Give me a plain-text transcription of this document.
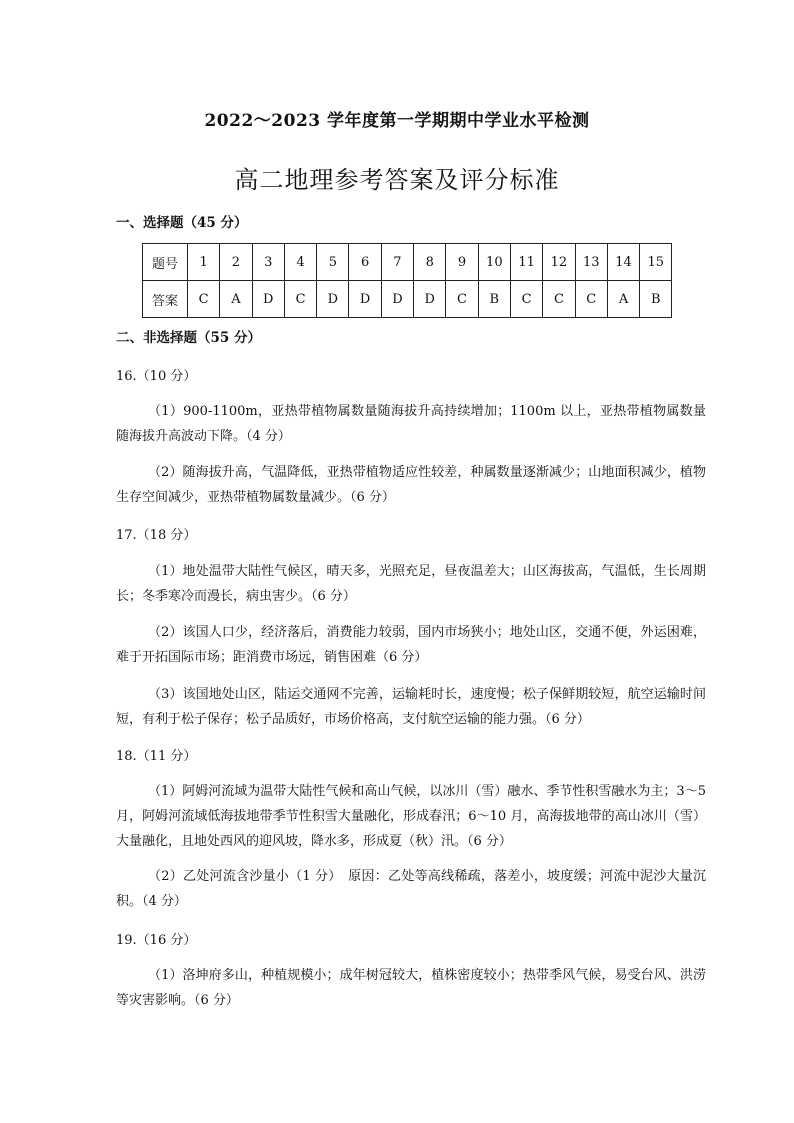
2022～2023 学年度第一学期期中学业水平检测
高二地理参考答案及评分标准
一、选择题（45 分）
题号	1	2	3	4	5	6	7	8	9	10	11	12	13	14	15
答案	C	A	D	C	D	D	D	D	C	B	C	C	C	A	B
二、非选择题（55 分）
16.（10 分）
（1）900-1100m，亚热带植物属数量随海拔升高持续增加；1100m 以上，亚热带植物属数量随海拔升高波动下降。（4 分）
（2）随海拔升高，气温降低，亚热带植物适应性较差，种属数量逐渐减少；山地面积减少，植物生存空间减少，亚热带植物属数量减少。（6 分）
17.（18 分）
（1）地处温带大陆性气候区，晴天多，光照充足，昼夜温差大；山区海拔高，气温低，生长周期长；冬季寒冷而漫长，病虫害少。（6 分）
（2）该国人口少，经济落后，消费能力较弱，国内市场狭小；地处山区，交通不便，外运困难，难于开拓国际市场；距消费市场远，销售困难（6 分）
（3）该国地处山区，陆运交通网不完善，运输耗时长，速度慢；松子保鲜期较短，航空运输时间短，有利于松子保存；松子品质好，市场价格高，支付航空运输的能力强。（6 分）
18.（11 分）
（1）阿姆河流域为温带大陆性气候和高山气候，以冰川（雪）融水、季节性积雪融水为主；3～5 月，阿姆河流域低海拔地带季节性积雪大量融化，形成春汛；6～10 月，高海拔地带的高山冰川（雪）大量融化，且地处西风的迎风坡，降水多，形成夏（秋）汛。（6 分）
（2）乙处河流含沙量小（1 分）　原因：乙处等高线稀疏，落差小，坡度缓；河流中泥沙大量沉积。（4 分）
19.（16 分）
（1）洛坤府多山，种植规模小；成年树冠较大，植株密度较小；热带季风气候，易受台风、洪涝等灾害影响。（6 分）
